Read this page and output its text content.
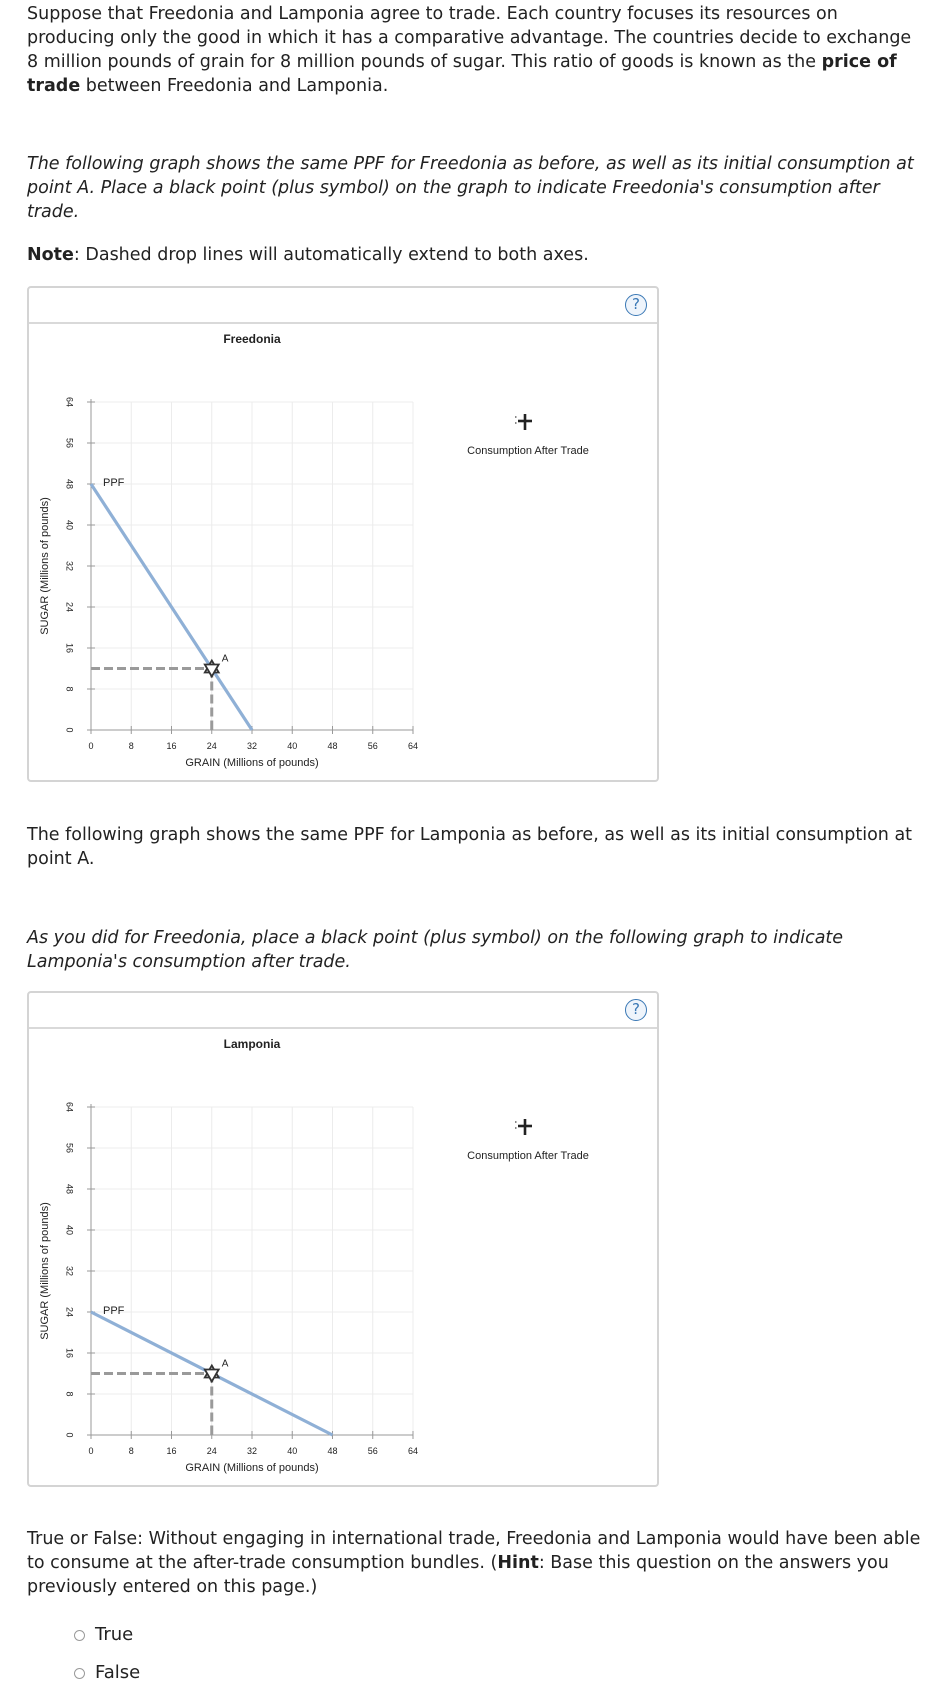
Suppose that Freedonia and Lamponia agree to trade. Each country focuses its resources on producing only the good in which it has a comparative advantage. The countries decide to exchange 8 million pounds of grain for 8 million pounds of sugar. This ratio of goods is known as the price of trade between Freedonia and Lamponia.

The following graph shows the same PPF for Freedonia as before, as well as its initial consumption at point A. Place a black point (plus symbol) on the graph to indicate Freedonia's consumption after trade.

Note: Dashed drop lines will automatically extend to both axes.

?
0	8	16	24	32	40	48	56	64
0
8
16
24
32
40
48
56
64
Freedonia
GRAIN (Millions of pounds)
SUGAR (Millions of pounds)
PPF
A
Consumption After Trade

The following graph shows the same PPF for Lamponia as before, as well as its initial consumption at point A.

As you did for Freedonia, place a black point (plus symbol) on the following graph to indicate Lamponia's consumption after trade.

?
0	8	16	24	32	40	48	56	64
0
8
16
24
32
40
48
56
64
Lamponia
GRAIN (Millions of pounds)
SUGAR (Millions of pounds)	PPF
A
Consumption After Trade

True or False: Without engaging in international trade, Freedonia and Lamponia would have been able to consume at the after-trade consumption bundles. (Hint: Base this question on the answers you previously entered on this page.)

True
False
